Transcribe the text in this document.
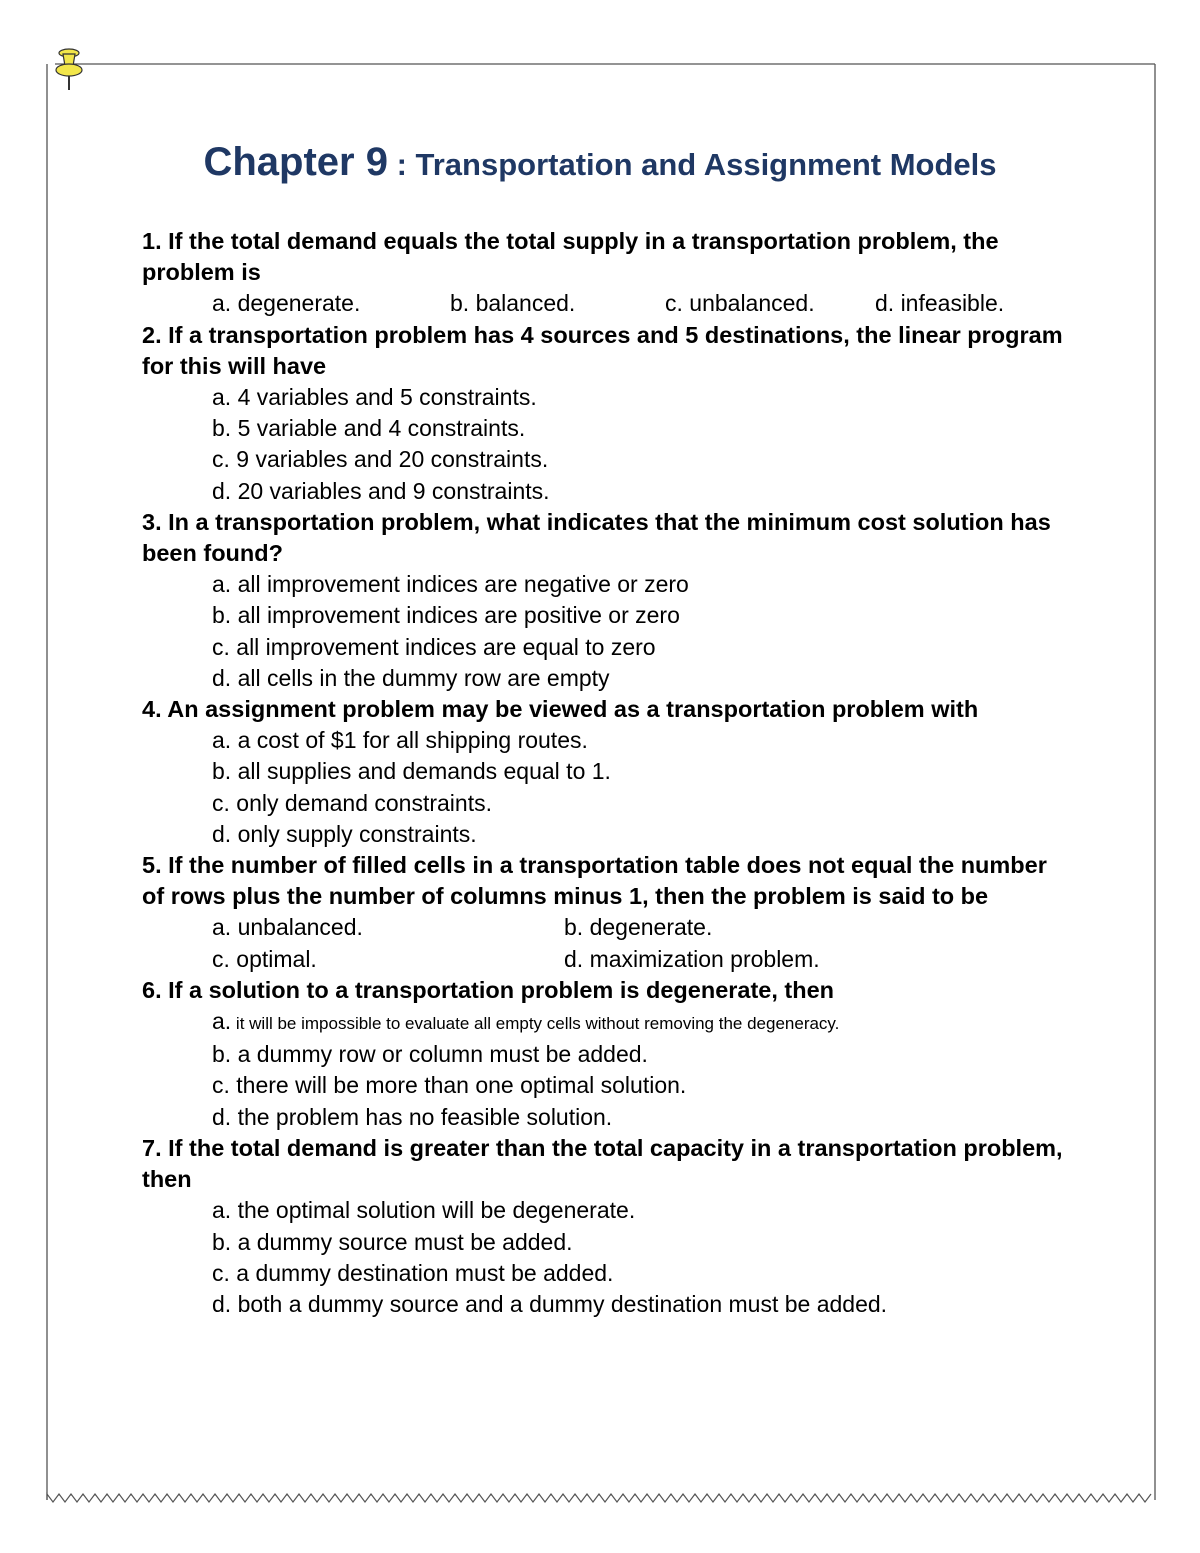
Chapter 9 : Transportation and Assignment Models

1. If the total demand equals the total supply in a transportation problem, the problem is

a. degenerate.	b. balanced.	c. unbalanced.	d. infeasible.

2. If a transportation problem has 4 sources and 5 destinations, the linear program for this will have

a. 4 variables and 5 constraints.

b. 5 variable and 4 constraints.

c. 9 variables and 20 constraints.

d. 20 variables and 9 constraints.

3. In a transportation problem, what indicates that the minimum cost solution has been found?

a. all improvement indices are negative or zero

b. all improvement indices are positive or zero

c. all improvement indices are equal to zero

d. all cells in the dummy row are empty

4. An assignment problem may be viewed as a transportation problem with

a. a cost of $1 for all shipping routes.

b. all supplies and demands equal to 1.

c. only demand constraints.

d. only supply constraints.

5. If the number of filled cells in a transportation table does not equal the number of rows plus the number of columns minus 1, then the problem is said to be

a. unbalanced.	b. degenerate.
c. optimal.	d. maximization problem.

6. If a solution to a transportation problem is degenerate, then

a. it will be impossible to evaluate all empty cells without removing the degeneracy.

b. a dummy row or column must be added.

c. there will be more than one optimal solution.

d. the problem has no feasible solution.

7. If the total demand is greater than the total capacity in a transportation problem, then

a. the optimal solution will be degenerate.

b. a dummy source must be added.

c. a dummy destination must be added.

d. both a dummy source and a dummy destination must be added.
